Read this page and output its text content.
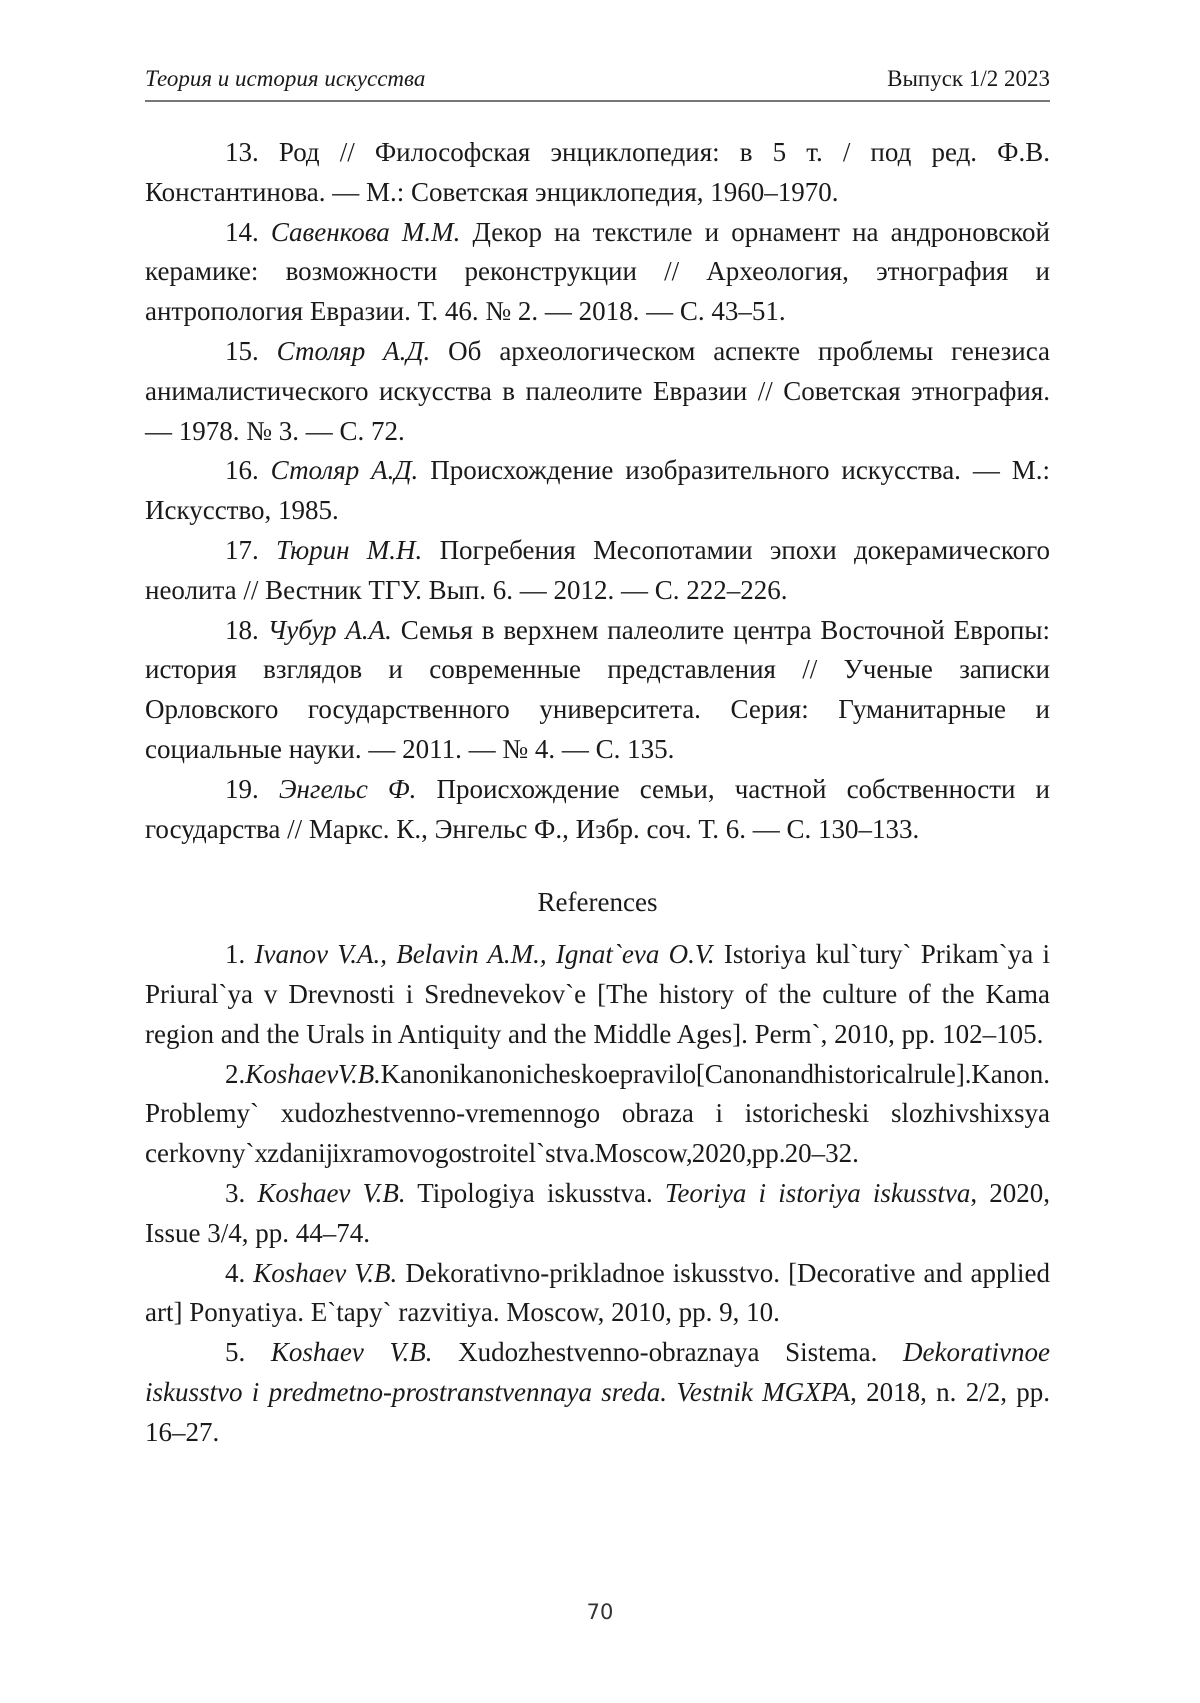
Теория и история искусства	Выпуск 1/2 2023

13. Род // Философская энциклопедия: в 5 т. / под ред. Ф.В. Константинова. — М.: Советская энциклопедия, 1960–1970.

14. Савенкова М.М. Декор на текстиле и орнамент на андроновской керамике: возможности реконструкции // Археология, этнография и антропология Евразии. Т. 46. № 2. — 2018. — С. 43–51.

15. Столяр А.Д. Об археологическом аспекте проблемы генезиса анималистического искусства в палеолите Евразии // Советская этнография. — 1978. № 3. — С. 72.

16. Столяр А.Д. Происхождение изобразительного искусства. — М.: Искусство, 1985.

17. Тюрин М.Н. Погребения Месопотамии эпохи докерамического неолита // Вестник ТГУ. Вып. 6. — 2012. — С. 222–226.

18. Чубур А.А. Семья в верхнем палеолите центра Восточной Европы: история взглядов и современные представления // Ученые записки Орловского государственного университета. Серия: Гуманитарные и социальные науки. — 2011. — № 4. — С. 135.

19. Энгельс Ф. Происхождение семьи, частной собственности и государства // Маркс. К., Энгельс Ф., Избр. соч. Т. 6. — С. 130–133.

References

1. Ivanov V.A., Belavin A.M., Ignat`eva O.V. Istoriya kul`tury` Prikam`ya i Priural`ya v Drevnosti i Srednevekov`e [The history of the culture of the Kama region and the Urals in Antiquity and the Middle Ages]. Perm`, 2010, pp. 102–105.

2.Koshaev V.B. Kanon i kanonicheskoe pravilo [Canon and historical rule]. Kanon. Problemy` xudozhestvenno-vremennogo obraza i istoricheski slozhivshixsya cerkovny`x zdanij i xramovogo stroitel`stva. Moscow, 2020, pp. 20–32.

3. Koshaev V.B. Tipologiya iskusstva. Teoriya i istoriya iskusstva, 2020, Issue 3/4, pp. 44–74.

4. Koshaev V.B. Dekorativno-prikladnoe iskusstvo. [Decorative and applied art] Ponyatiya. E`tapy` razvitiya. Moscow, 2010, pp. 9, 10.

5. Koshaev V.B. Xudozhestvenno-obraznaya Sistema. Dekorativnoe iskusstvo i predmetno-prostranstvennaya sreda. Vestnik MGXPA, 2018, n. 2/2, pp. 16–27.

70
